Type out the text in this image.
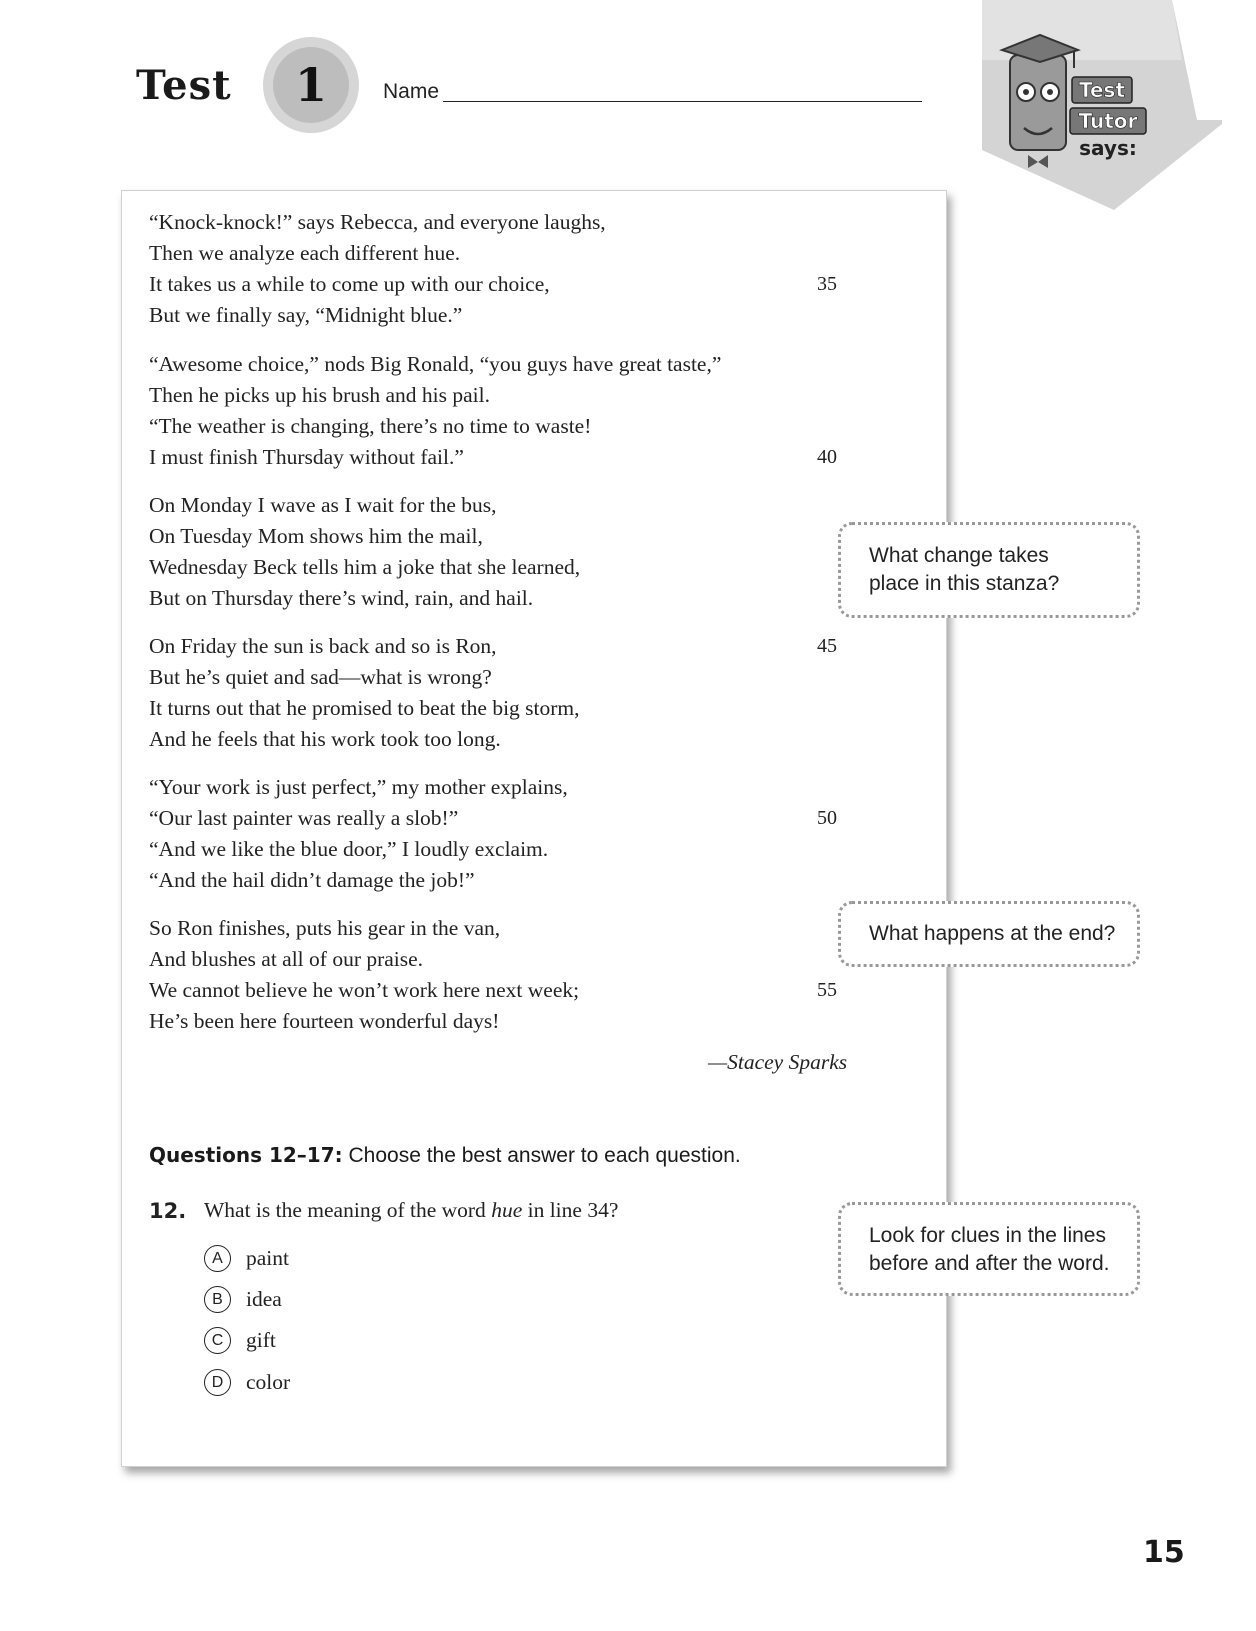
Test	1	Name	Test
Tutor
says:
“Knock-knock!” says Rebecca, and everyone laughs,
Then we analyze each different hue.
It takes us a while to come up with our choice,	35
But we finally say, “Midnight blue.”
“Awesome choice,” nods Big Ronald, “you guys have great taste,”
Then he picks up his brush and his pail.
“The weather is changing, there’s no time to waste!
I must finish Thursday without fail.”	40
On Monday I wave as I wait for the bus,
On Tuesday Mom shows him the mail,
Wednesday Beck tells him a joke that she learned,
But on Thursday there’s wind, rain, and hail.
On Friday the sun is back and so is Ron,	45
But he’s quiet and sad—what is wrong?
It turns out that he promised to beat the big storm,
And he feels that his work took too long.
“Your work is just perfect,” my mother explains,
“Our last painter was really a slob!”	50
“And we like the blue door,” I loudly exclaim.
“And the hail didn’t damage the job!”
So Ron finishes, puts his gear in the van,
And blushes at all of our praise.
We cannot believe he won’t work here next week;	55
He’s been here fourteen wonderful days!
—Stacey Sparks
Questions 12–17: Choose the best answer to each question.
12. What is the meaning of the word hue in line 34?
A	paint
B	idea
C	gift
D	color
What change takes
place in this stanza?
What happens at the end?
Look for clues in the lines
before and after the word.
15
